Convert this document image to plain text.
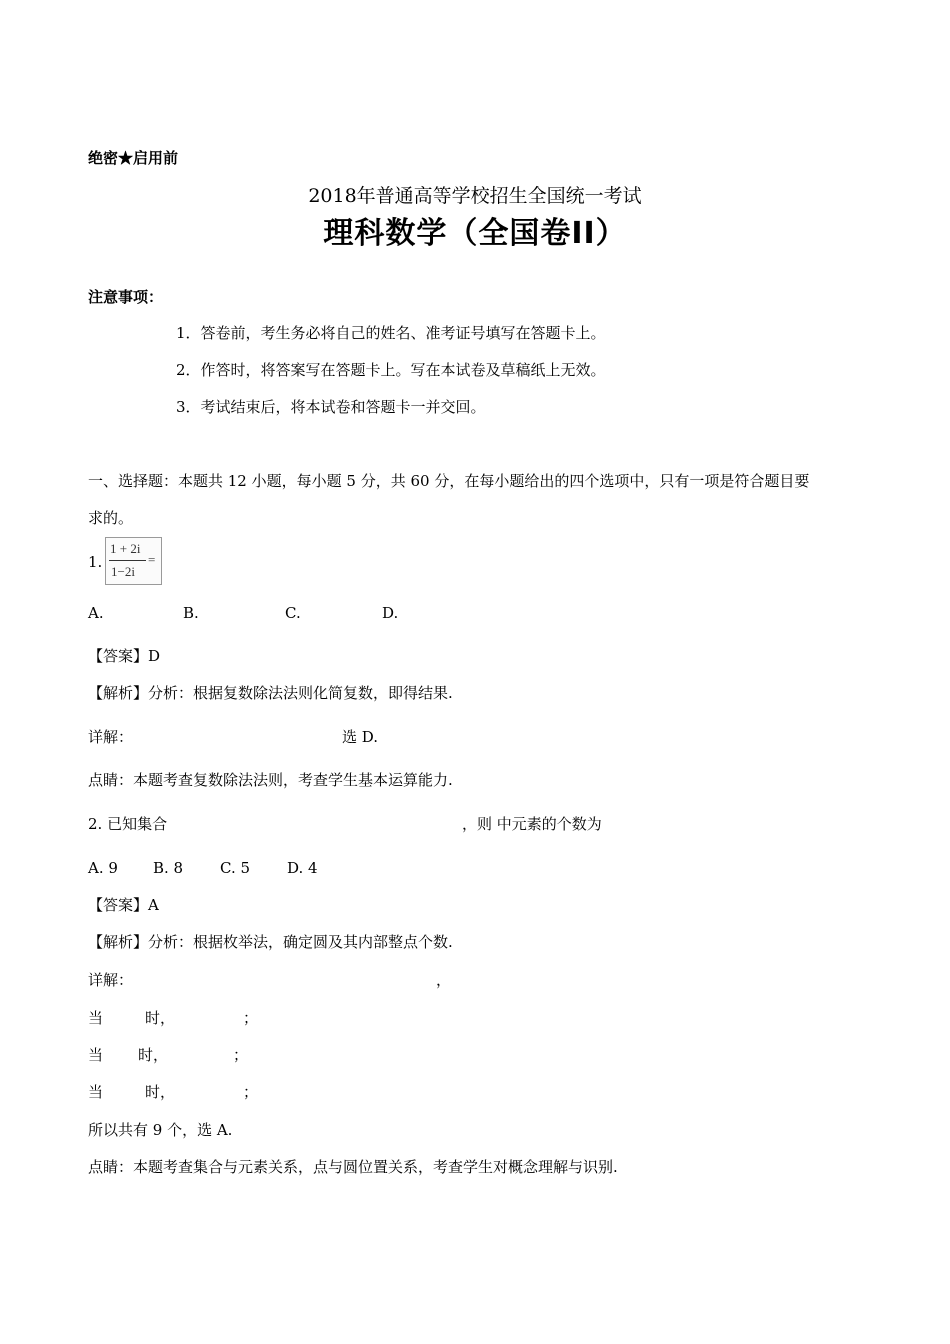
绝密★启用前
2018年普通高等学校招生全国统一考试
理科数学（全国卷II）
注意事项：
1．答卷前，考生务必将自己的姓名、准考证号填写在答题卡上。
2．作答时，将答案写在答题卡上。写在本试卷及草稿纸上无效。
3．考试结束后，将本试卷和答题卡一并交回。
一、选择题：本题共 12 小题，每小题 5 分，共 60 分，在每小题给出的四个选项中，只有一项是符合题目要
求的。
1.
1 + 2i
1−2i
=
A.	B.	C.	D.
【答案】D
【解析】分析：根据复数除法法则化简复数，即得结果.
详解：	选 D.
点睛：本题考查复数除法法则，考查学生基本运算能力.
2. 已知集合	，则 中元素的个数为
A. 9 B. 8 C. 5 D. 4
【答案】A
【解析】分析：根据枚举法，确定圆及其内部整点个数.
详解：	，
当	时，	；
当 时，	；
当	时，	；
所以共有 9 个，选 A.
点睛：本题考查集合与元素关系，点与圆位置关系，考查学生对概念理解与识别.
